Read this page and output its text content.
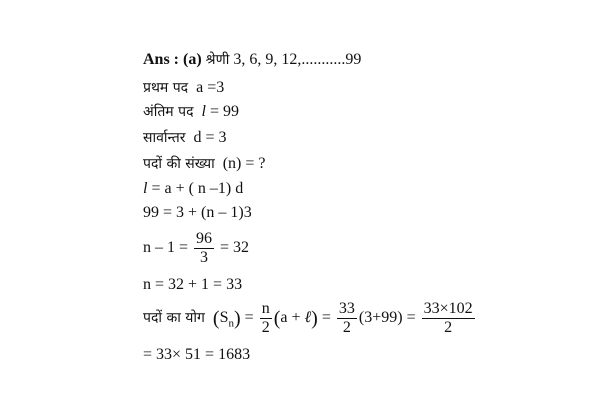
Ans : (a) श्रेणी 3, 6, 9, 12,...........99
प्रथम पद a =3
अंतिम पद l = 99
सार्वान्तर d = 3
पदों की संख्या (n) = ?
l = a + ( n –1) d
99 = 3 + (n – 1)3
$n - 1 = \frac{96}{3} = 32$
n = 32 + 1 = 33
पदों का योग $(S_n) = \frac{n}{2} (a$ + ℓ) = $\frac{33}{2} (3+99) = \frac{33\times 102}{2}$
= 33× 51 = 1683
